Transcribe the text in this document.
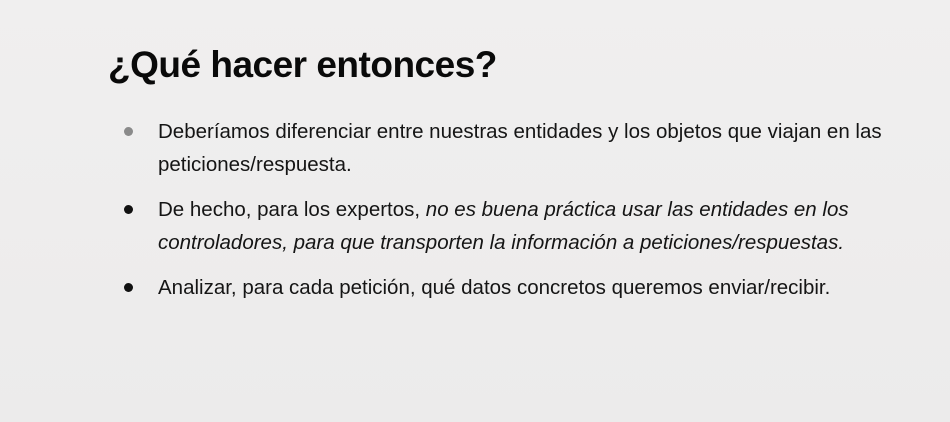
¿Qué hacer entonces?
Deberíamos diferenciar entre nuestras entidades y los objetos que viajan en las peticiones/respuesta.
De hecho, para los expertos, no es buena práctica usar las entidades en los controladores, para que transporten la información a peticiones/respuestas.
Analizar, para cada petición, qué datos concretos queremos enviar/recibir.
